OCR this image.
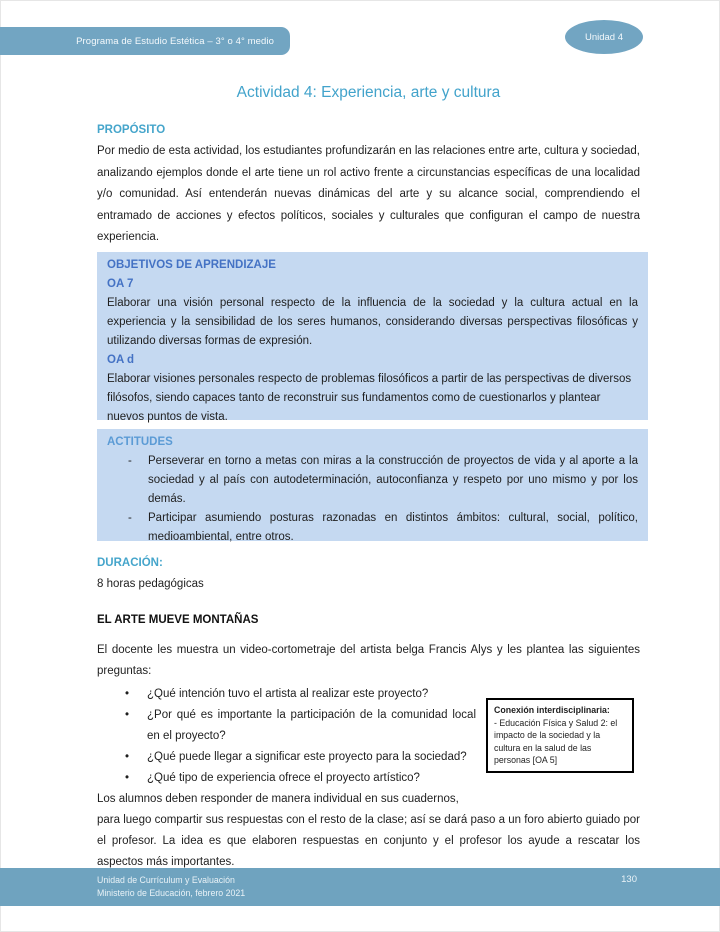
Programa de Estudio Estética – 3° o 4° medio	Unidad 4
Actividad 4: Experiencia, arte y cultura
PROPÓSITO
Por medio de esta actividad, los estudiantes profundizarán en las relaciones entre arte, cultura y sociedad, analizando ejemplos donde el arte tiene un rol activo frente a circunstancias específicas de una localidad y/o comunidad. Así entenderán nuevas dinámicas del arte y su alcance social, comprendiendo el entramado de acciones y efectos políticos, sociales y culturales que configuran el campo de nuestra experiencia.

OBJETIVOS DE APRENDIZAJE

OA 7

Elaborar una visión personal respecto de la influencia de la sociedad y la cultura actual en la experiencia y la sensibilidad de los seres humanos, considerando diversas perspectivas filosóficas y utilizando diversas formas de expresión.

OA d

Elaborar visiones personales respecto de problemas filosóficos a partir de las perspectivas de diversos filósofos, siendo capaces tanto de reconstruir sus fundamentos como de cuestionarlos y plantear nuevos puntos de vista.

ACTITUDES

- Perseverar en torno a metas con miras a la construcción de proyectos de vida y al aporte a la sociedad y al país con autodeterminación, autoconfianza y respeto por uno mismo y por los demás.
- Participar asumiendo posturas razonadas en distintos ámbitos: cultural, social, político, medioambiental, entre otros.
DURACIÓN:
8 horas pedagógicas
EL ARTE MUEVE MONTAÑAS

El docente les muestra un video-cortometraje del artista belga Francis Alys y les plantea las siguientes preguntas:

Conexión interdisciplinaria:
- Educación Física y Salud 2: el impacto de la sociedad y la cultura en la salud de las personas [OA 5]
• ¿Qué intención tuvo el artista al realizar este proyecto?
• ¿Por qué es importante la participación de la comunidad local en el proyecto?
• ¿Qué puede llegar a significar este proyecto para la sociedad?
• ¿Qué tipo de experiencia ofrece el proyecto artístico?

Los alumnos deben responder de manera individual en sus cuadernos,

para luego compartir sus respuestas con el resto de la clase; así se dará paso a un foro abierto guiado por el profesor. La idea es que elaboren respuestas en conjunto y el profesor los ayude a rescatar los aspectos más importantes.

Unidad de Currículum y Evaluación
Ministerio de Educación, febrero 2021
130
